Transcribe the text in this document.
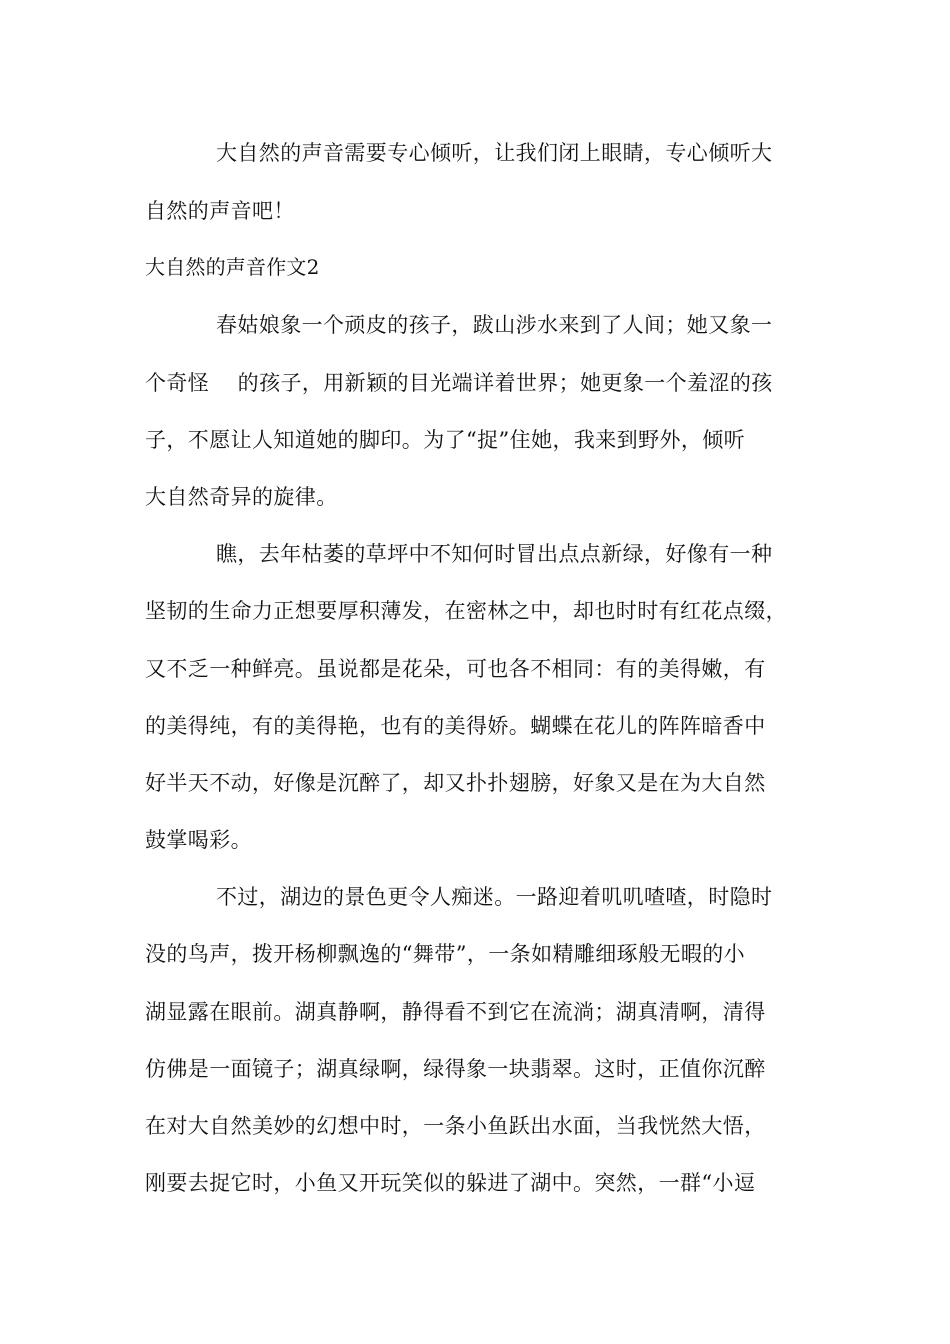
大自然的声音需要专心倾听，让我们闭上眼睛，专心倾听大
自然的声音吧！
大自然的声音作文2
春姑娘象一个顽皮的孩子，跋山涉水来到了人间；她又象一
个奇怪　 的孩子，用新颖的目光端详着世界；她更象一个羞涩的孩
子，不愿让人知道她的脚印。为了“捉”住她，我来到野外，倾听
大自然奇异的旋律。
瞧，去年枯萎的草坪中不知何时冒出点点新绿，好像有一种
坚韧的生命力正想要厚积薄发，在密林之中，却也时时有红花点缀，
又不乏一种鲜亮。虽说都是花朵，可也各不相同：有的美得嫩，有
的美得纯，有的美得艳，也有的美得娇。蝴蝶在花儿的阵阵暗香中
好半天不动，好像是沉醉了，却又扑扑翅膀，好象又是在为大自然
鼓掌喝彩。
不过，湖边的景色更令人痴迷。一路迎着叽叽喳喳，时隐时
没的鸟声，拨开杨柳飘逸的“舞带”，一条如精雕细琢般无暇的小
湖显露在眼前。湖真静啊，静得看不到它在流淌；湖真清啊，清得
仿佛是一面镜子；湖真绿啊，绿得象一块翡翠。这时，正值你沉醉
在对大自然美妙的幻想中时，一条小鱼跃出水面，当我恍然大悟，
刚要去捉它时，小鱼又开玩笑似的躲进了湖中。突然，一群“小逗
